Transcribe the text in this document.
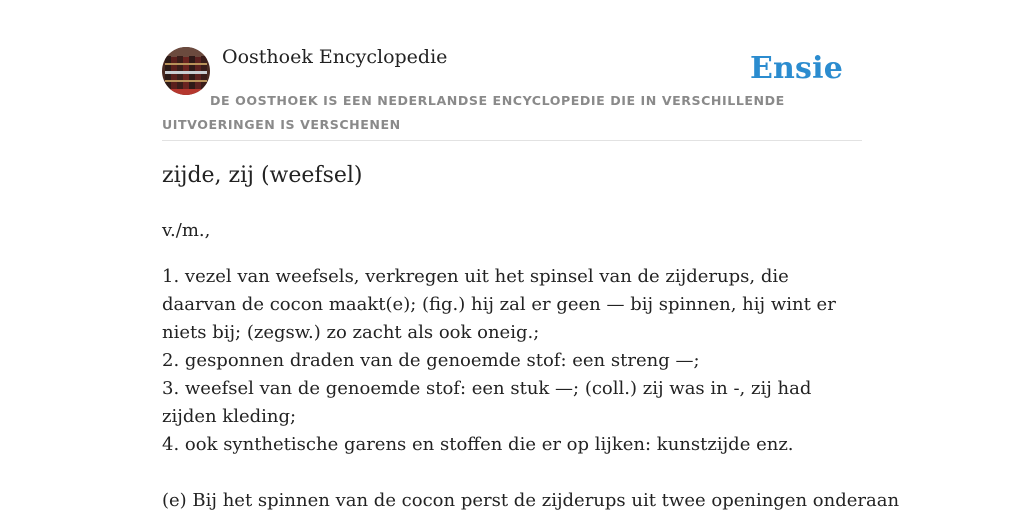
Oosthoek Encyclopedie	Ensie
DE OOSTHOEK IS EEN NEDERLANDSE ENCYCLOPEDIE DIE IN VERSCHILLENDE UITVOERINGEN IS VERSCHENEN
zijde, zij (weefsel)
v./m.,
1. vezel van weefsels, verkregen uit het spinsel van de zijderups, die daarvan de cocon maakt(e); (fig.) hij zal er geen — bij spinnen, hij wint er niets bij; (zegsw.) zo zacht als ook oneig.;
2. gesponnen draden van de genoemde stof: een streng —;
3. weefsel van de genoemde stof: een stuk —; (coll.) zij was in -, zij had zijden kleding;
4. ook synthetische garens en stoffen die er op lijken: kunstzijde enz.
(e) Bij het spinnen van de cocon perst de zijderups uit twee openingen onderaan
